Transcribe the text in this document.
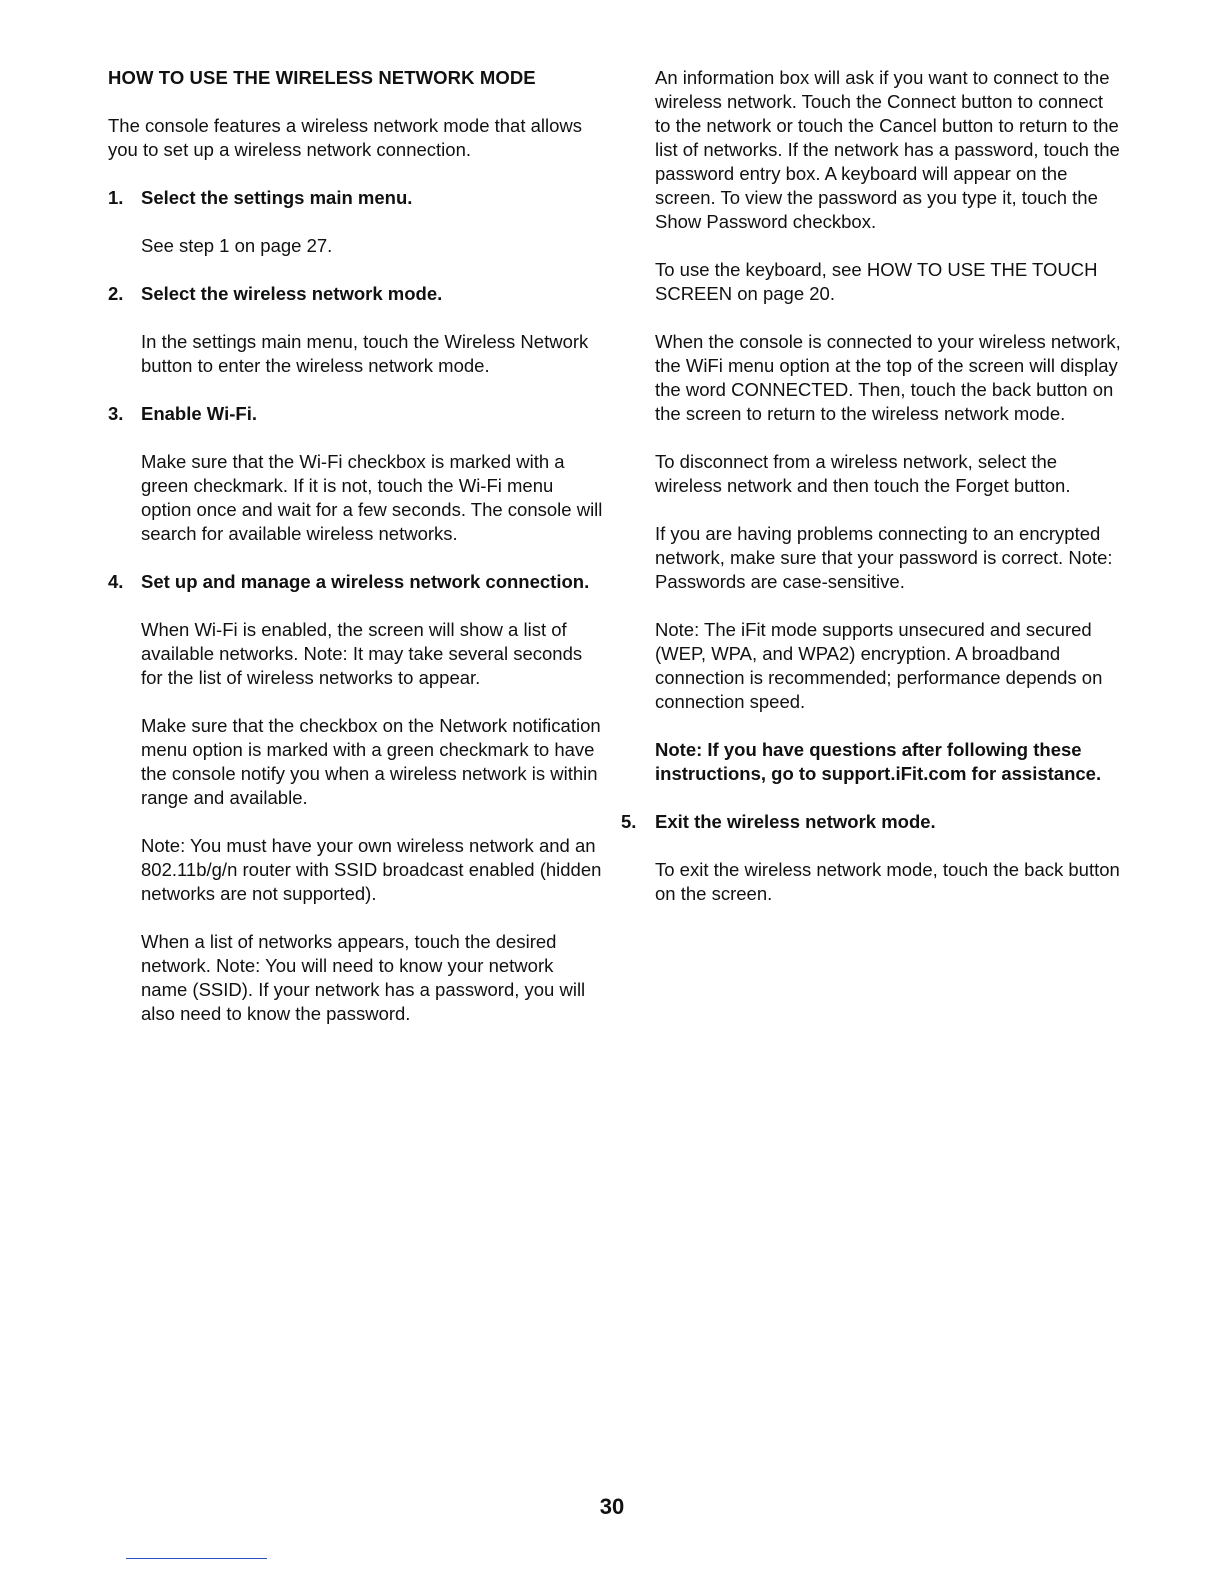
HOW TO USE THE WIRELESS NETWORK MODE

The console features a wireless network mode that allows you to set up a wireless network connection.

1. Select the settings main menu.

See step 1 on page 27.

2. Select the wireless network mode.

In the settings main menu, touch the Wireless Network button to enter the wireless network mode.

3. Enable Wi-Fi.

Make sure that the Wi-Fi checkbox is marked with a green checkmark. If it is not, touch the Wi-Fi menu option once and wait for a few seconds. The console will search for available wireless networks.

4. Set up and manage a wireless network connection.

When Wi-Fi is enabled, the screen will show a list of available networks. Note: It may take several seconds for the list of wireless networks to appear.

Make sure that the checkbox on the Network notification menu option is marked with a green checkmark to have the console notify you when a wireless network is within range and available.

Note: You must have your own wireless network and an 802.11b/g/n router with SSID broadcast enabled (hidden networks are not supported).

When a list of networks appears, touch the desired network. Note: You will need to know your network name (SSID). If your network has a password, you will also need to know the password.

An information box will ask if you want to connect to the wireless network. Touch the Connect button to connect to the network or touch the Cancel button to return to the list of networks. If the network has a password, touch the password entry box. A keyboard will appear on the screen. To view the password as you type it, touch the Show Password checkbox.

To use the keyboard, see HOW TO USE THE TOUCH SCREEN on page 20.

When the console is connected to your wireless network, the WiFi menu option at the top of the screen will display the word CONNECTED. Then, touch the back button on the screen to return to the wireless network mode.

To disconnect from a wireless network, select the wireless network and then touch the Forget button.

If you are having problems connecting to an encrypted network, make sure that your password is correct. Note: Passwords are case-sensitive.

Note: The iFit mode supports unsecured and secured (WEP, WPA, and WPA2) encryption. A broadband connection is recommended; performance depends on connection speed.

Note: If you have questions after following these instructions, go to support.iFit.com for assistance.

5.	Exit the wireless network mode.

To exit the wireless network mode, touch the back button on the screen.

30
